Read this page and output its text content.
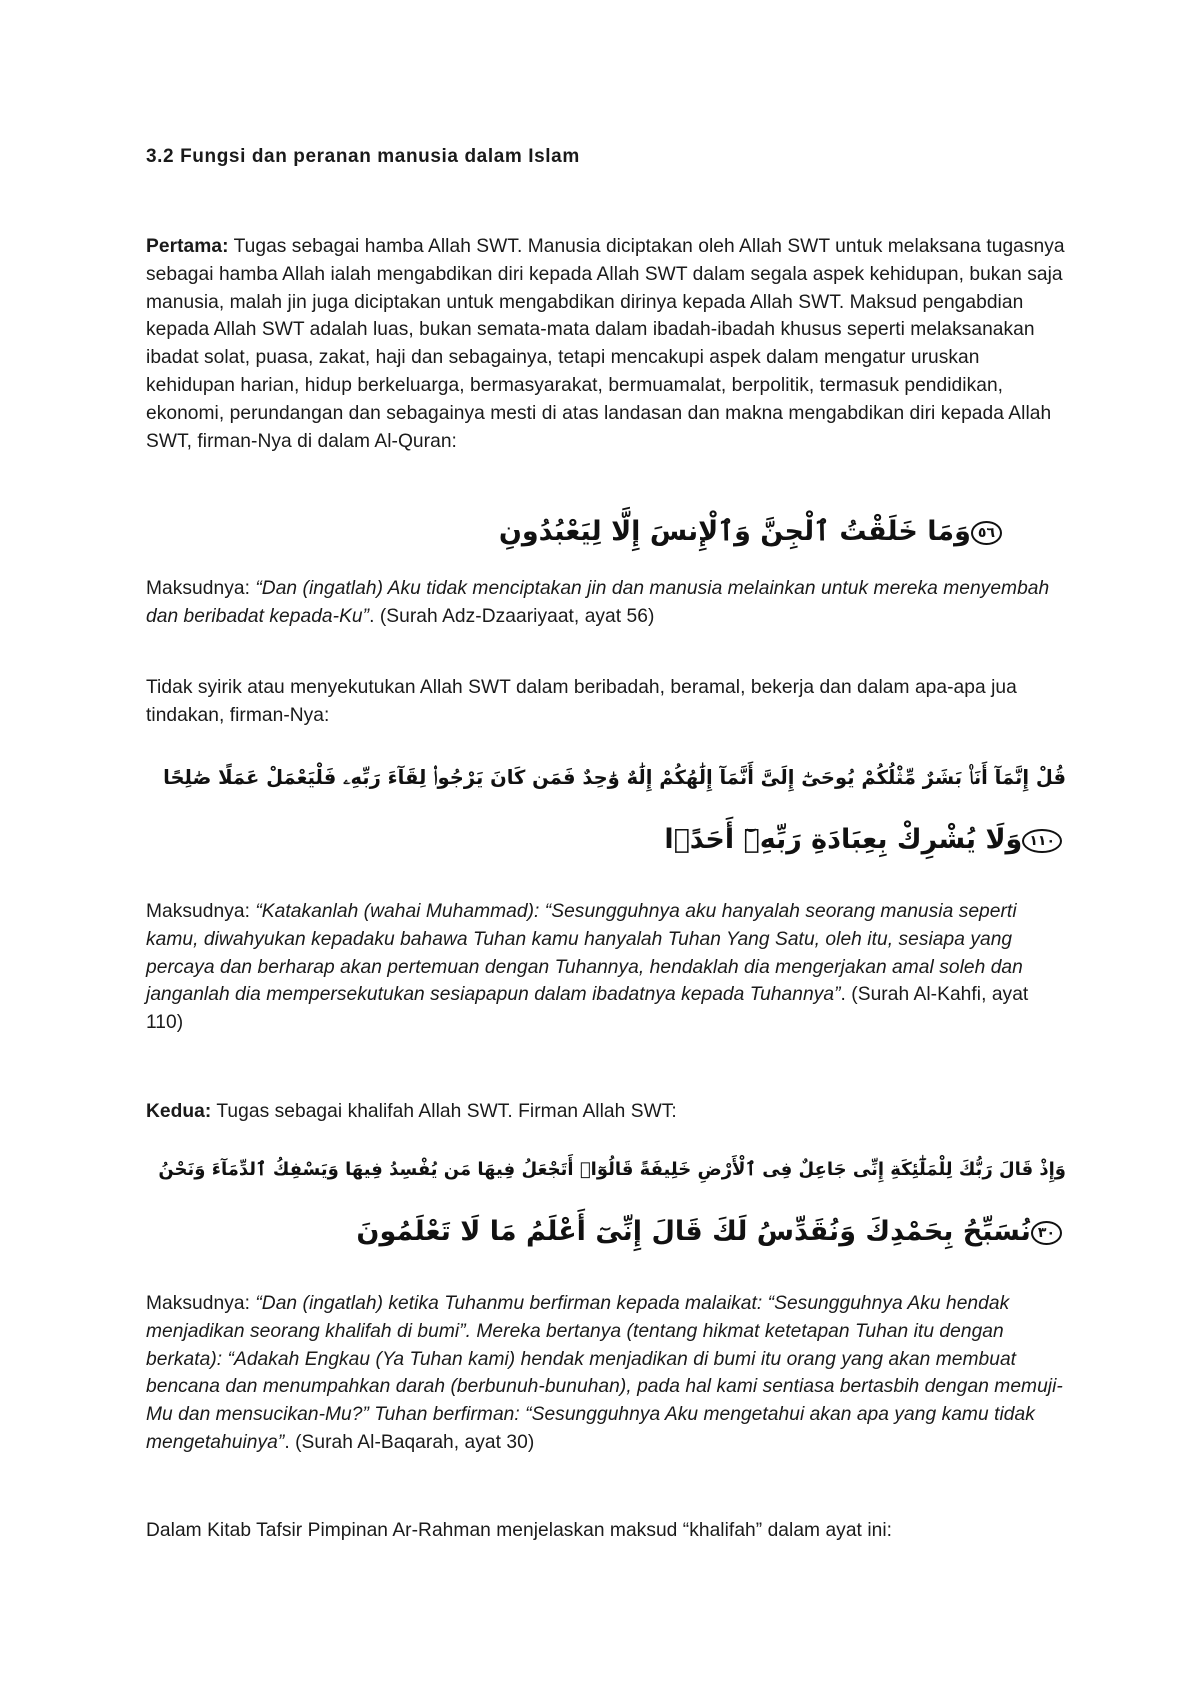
3.2 Fungsi dan peranan manusia dalam Islam

Pertama: Tugas sebagai hamba Allah SWT. Manusia diciptakan oleh Allah SWT untuk melaksana tugasnya sebagai hamba Allah ialah mengabdikan diri kepada Allah SWT dalam segala aspek kehidupan, bukan saja manusia, malah jin juga diciptakan untuk mengabdikan dirinya kepada Allah SWT. Maksud pengabdian kepada Allah SWT adalah luas, bukan semata-mata dalam ibadah-ibadah khusus seperti melaksanakan ibadat solat, puasa, zakat, haji dan sebagainya, tetapi mencakupi aspek dalam mengatur uruskan kehidupan harian, hidup berkeluarga, bermasyarakat, bermuamalat, berpolitik, termasuk pendidikan, ekonomi, perundangan dan sebagainya mesti di atas landasan dan makna mengabdikan diri kepada Allah SWT, firman-Nya di dalam Al-Quran:

٥٦وَمَا خَلَقْتُ ٱلْجِنَّ وَٱلْإِنسَ إِلَّا لِيَعْبُدُونِ

Maksudnya: “Dan (ingatlah) Aku tidak menciptakan jin dan manusia melainkan untuk mereka menyembah dan beribadat kepada-Ku”. (Surah Adz-Dzaariyaat, ayat 56)

Tidak syirik atau menyekutukan Allah SWT dalam beribadah, beramal, bekerja dan dalam apa-apa jua tindakan, firman-Nya:

قُلْ إِنَّمَآ أَنَا۠ بَشَرٌ مِّثْلُكُمْ يُوحَىٰٓ إِلَىَّ أَنَّمَآ إِلَٰهُكُمْ إِلَٰهٌ وَٰحِدٌ فَمَن كَانَ يَرْجُوا۟ لِقَآءَ رَبِّهِۦ فَلْيَعْمَلْ عَمَلًا صَٰلِحًا

١١٠وَلَا يُشْرِكْ بِعِبَادَةِ رَبِّهِۦٓ أَحَدًۢا

Maksudnya: “Katakanlah (wahai Muhammad): “Sesungguhnya aku hanyalah seorang manusia seperti kamu, diwahyukan kepadaku bahawa Tuhan kamu hanyalah Tuhan Yang Satu, oleh itu, sesiapa yang percaya dan berharap akan pertemuan dengan Tuhannya, hendaklah dia mengerjakan amal soleh dan janganlah dia mempersekutukan sesiapapun dalam ibadatnya kepada Tuhannya”. (Surah Al-Kahfi, ayat 110)

Kedua: Tugas sebagai khalifah Allah SWT. Firman Allah SWT:

وَإِذْ قَالَ رَبُّكَ لِلْمَلَٰٓئِكَةِ إِنِّى جَاعِلٌ فِى ٱلْأَرْضِ خَلِيفَةً قَالُوٓا۟ أَتَجْعَلُ فِيهَا مَن يُفْسِدُ فِيهَا وَيَسْفِكُ ٱلدِّمَآءَ وَنَحْنُ

٣٠نُسَبِّحُ بِحَمْدِكَ وَنُقَدِّسُ لَكَ قَالَ إِنِّىٓ أَعْلَمُ مَا لَا تَعْلَمُونَ

Maksudnya: “Dan (ingatlah) ketika Tuhanmu berfirman kepada malaikat: “Sesungguhnya Aku hendak menjadikan seorang khalifah di bumi”. Mereka bertanya (tentang hikmat ketetapan Tuhan itu dengan berkata): “Adakah Engkau (Ya Tuhan kami) hendak menjadikan di bumi itu orang yang akan membuat bencana dan menumpahkan darah (berbunuh-bunuhan), pada hal kami sentiasa bertasbih dengan memuji-Mu dan mensucikan-Mu?” Tuhan berfirman: “Sesungguhnya Aku mengetahui akan apa yang kamu tidak mengetahuinya”. (Surah Al-Baqarah, ayat 30)

Dalam Kitab Tafsir Pimpinan Ar-Rahman menjelaskan maksud “khalifah” dalam ayat ini:
